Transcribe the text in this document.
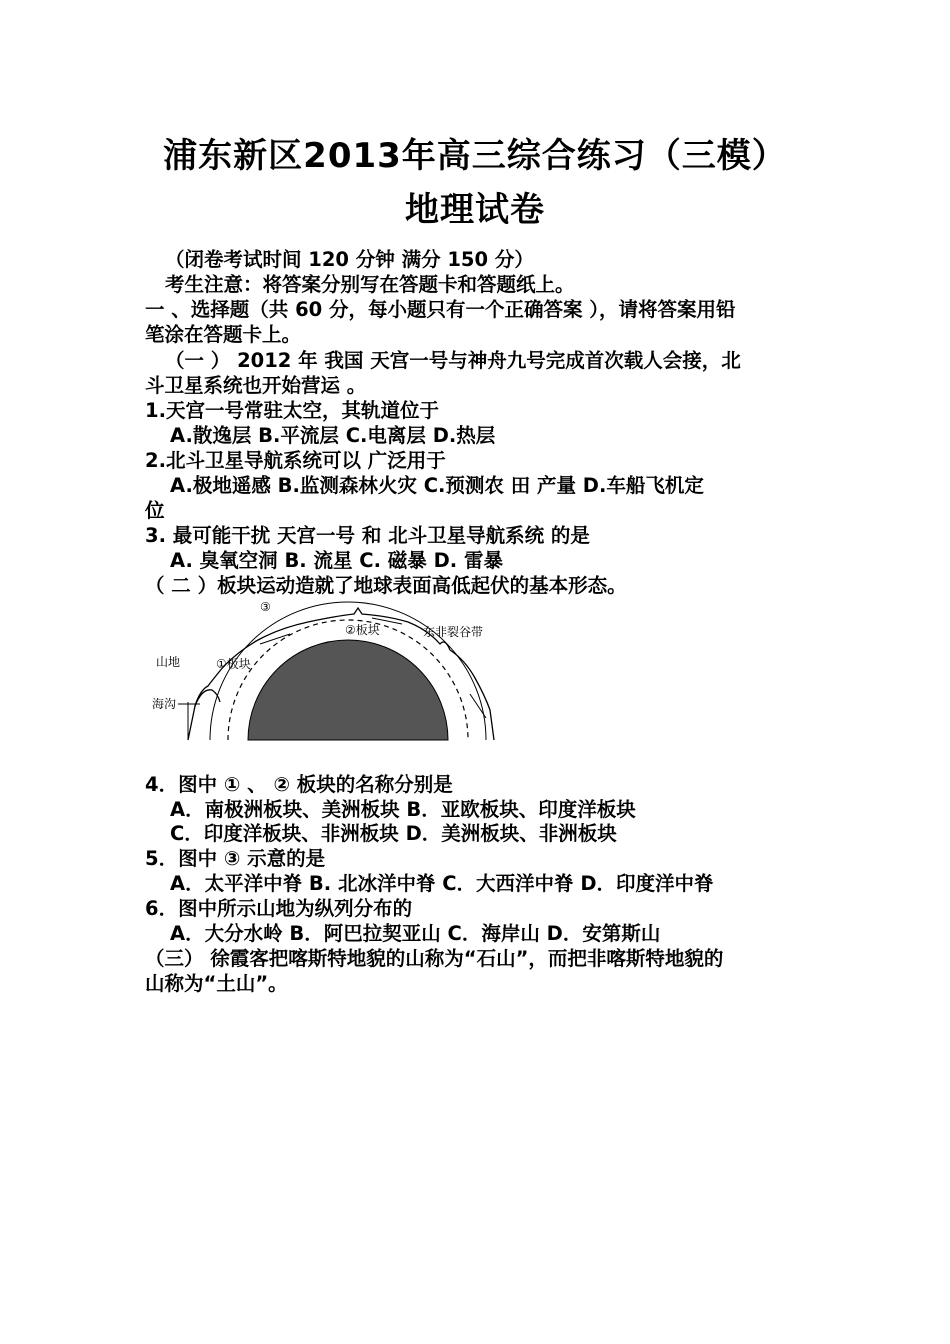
浦东新区2013年高三综合练习（三模）
地理试卷
（闭卷考试时间 120 分钟 满分 150 分）
考生注意：将答案分别写在答题卡和答题纸上。
一 、选择题（共 60 分，每小题只有一个正确答案 ），请将答案用铅
笔涂在答题卡上。
（一 ） 2012 年 我国 天宫一号与神舟九号完成首次载人会接，北
斗卫星系统也开始营运 。
1.天宫一号常驻太空，其轨道位于
A.散逸层 B.平流层 C.电离层 D.热层
2.北斗卫星导航系统可以 广泛用于
A.极地遥感 B.监测森林火灾 C.预测农 田 产量 D.车船飞机定
位
3. 最可能干扰 天宫一号 和 北斗卫星导航系统 的是
A. 臭氧空洞 B. 流星 C. 磁暴 D. 雷暴
（ 二 ）板块运动造就了地球表面高低起伏的基本形态。
③
②板块	东非裂谷带
山地	①板块
海沟
4．图中 ① 、 ② 板块的名称分别是
A．南极洲板块、美洲板块 B．亚欧板块、印度洋板块
C．印度洋板块、非洲板块 D．美洲板块、非洲板块
5．图中 ③ 示意的是
A．太平洋中脊 B. 北冰洋中脊 C．大西洋中脊 D．印度洋中脊
6．图中所示山地为纵列分布的
A．大分水岭 B．阿巴拉契亚山 C．海岸山 D．安第斯山
（三） 徐霞客把喀斯特地貌的山称为“石山”，而把非喀斯特地貌的
山称为“土山”。
